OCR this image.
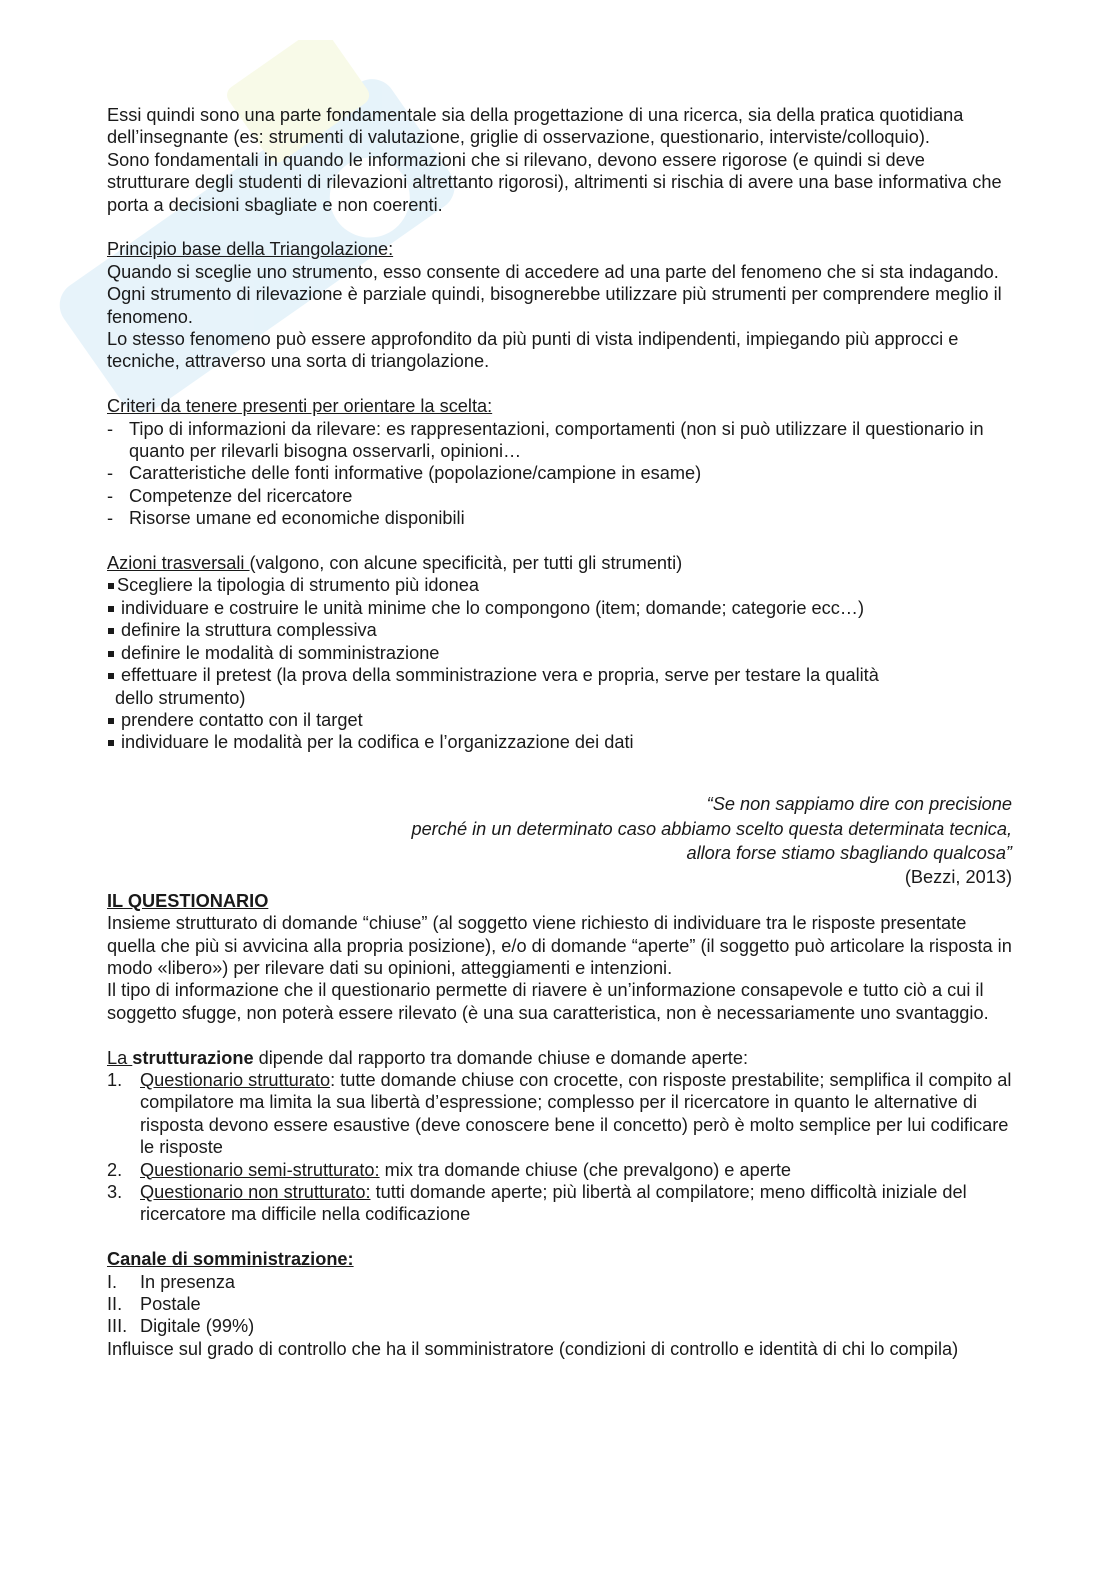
Essi quindi sono una parte fondamentale sia della progettazione di una ricerca, sia della pratica quotidiana dell’insegnante (es: strumenti di valutazione, griglie di osservazione, questionario, interviste/colloquio).

Sono fondamentali in quando le informazioni che si rilevano, devono essere rigorose (e quindi si deve strutturare degli studenti di rilevazioni altrettanto rigorosi), altrimenti si rischia di avere una base informativa che porta a decisioni sbagliate e non coerenti.

Principio base della Triangolazione:

Quando si sceglie uno strumento, esso consente di accedere ad una parte del fenomeno che si sta indagando. Ogni strumento di rilevazione è parziale quindi, bisognerebbe utilizzare più strumenti per comprendere meglio il fenomeno.

Lo stesso fenomeno può essere approfondito da più punti di vista indipendenti, impiegando più approcci e tecniche, attraverso una sorta di triangolazione.

Criteri da tenere presenti per orientare la scelta:

- Tipo di informazioni da rilevare: es rappresentazioni, comportamenti (non si può utilizzare il questionario in quanto per rilevarli bisogna osservarli, opinioni…
- Caratteristiche delle fonti informative (popolazione/campione in esame)
- Competenze del ricercatore
- Risorse umane ed economiche disponibili

Azioni trasversali (valgono, con alcune specificità, per tutti gli strumenti)

Scegliere la tipologia di strumento più idonea
individuare e costruire le unità minime che lo compongono (item; domande; categorie ecc…)
definire la struttura complessiva
definire le modalità di somministrazione
effettuare il pretest (la prova della somministrazione vera e propria, serve per testare la qualità
dello strumento)
prendere contatto con il target
individuare le modalità per la codifica e l’organizzazione dei dati
“Se non sappiamo dire con precisione
perché in un determinato caso abbiamo scelto questa determinata tecnica,
allora forse stiamo sbagliando qualcosa”
(Bezzi, 2013)

IL QUESTIONARIO

Insieme strutturato di domande “chiuse” (al soggetto viene richiesto di individuare tra le risposte presentate quella che più si avvicina alla propria posizione), e/o di domande “aperte” (il soggetto può articolare la risposta in modo «libero») per rilevare dati su opinioni, atteggiamenti e intenzioni.

Il tipo di informazione che il questionario permette di riavere è un’informazione consapevole e tutto ciò a cui il soggetto sfugge, non poterà essere rilevato (è una sua caratteristica, non è necessariamente uno svantaggio.

La strutturazione dipende dal rapporto tra domande chiuse e domande aperte:

1. Questionario strutturato: tutte domande chiuse con crocette, con risposte prestabilite; semplifica il compito al compilatore ma limita la sua libertà d’espressione; complesso per il ricercatore in quanto le alternative di risposta devono essere esaustive (deve conoscere bene il concetto) però è molto semplice per lui codificare le risposte
2. Questionario semi-strutturato: mix tra domande chiuse (che prevalgono) e aperte
3. Questionario non strutturato: tutti domande aperte; più libertà al compilatore; meno difficoltà iniziale del ricercatore ma difficile nella codificazione

Canale di somministrazione:

I. In presenza
II. Postale
III. Digitale (99%)

Influisce sul grado di controllo che ha il somministratore (condizioni di controllo e identità di chi lo compila)
